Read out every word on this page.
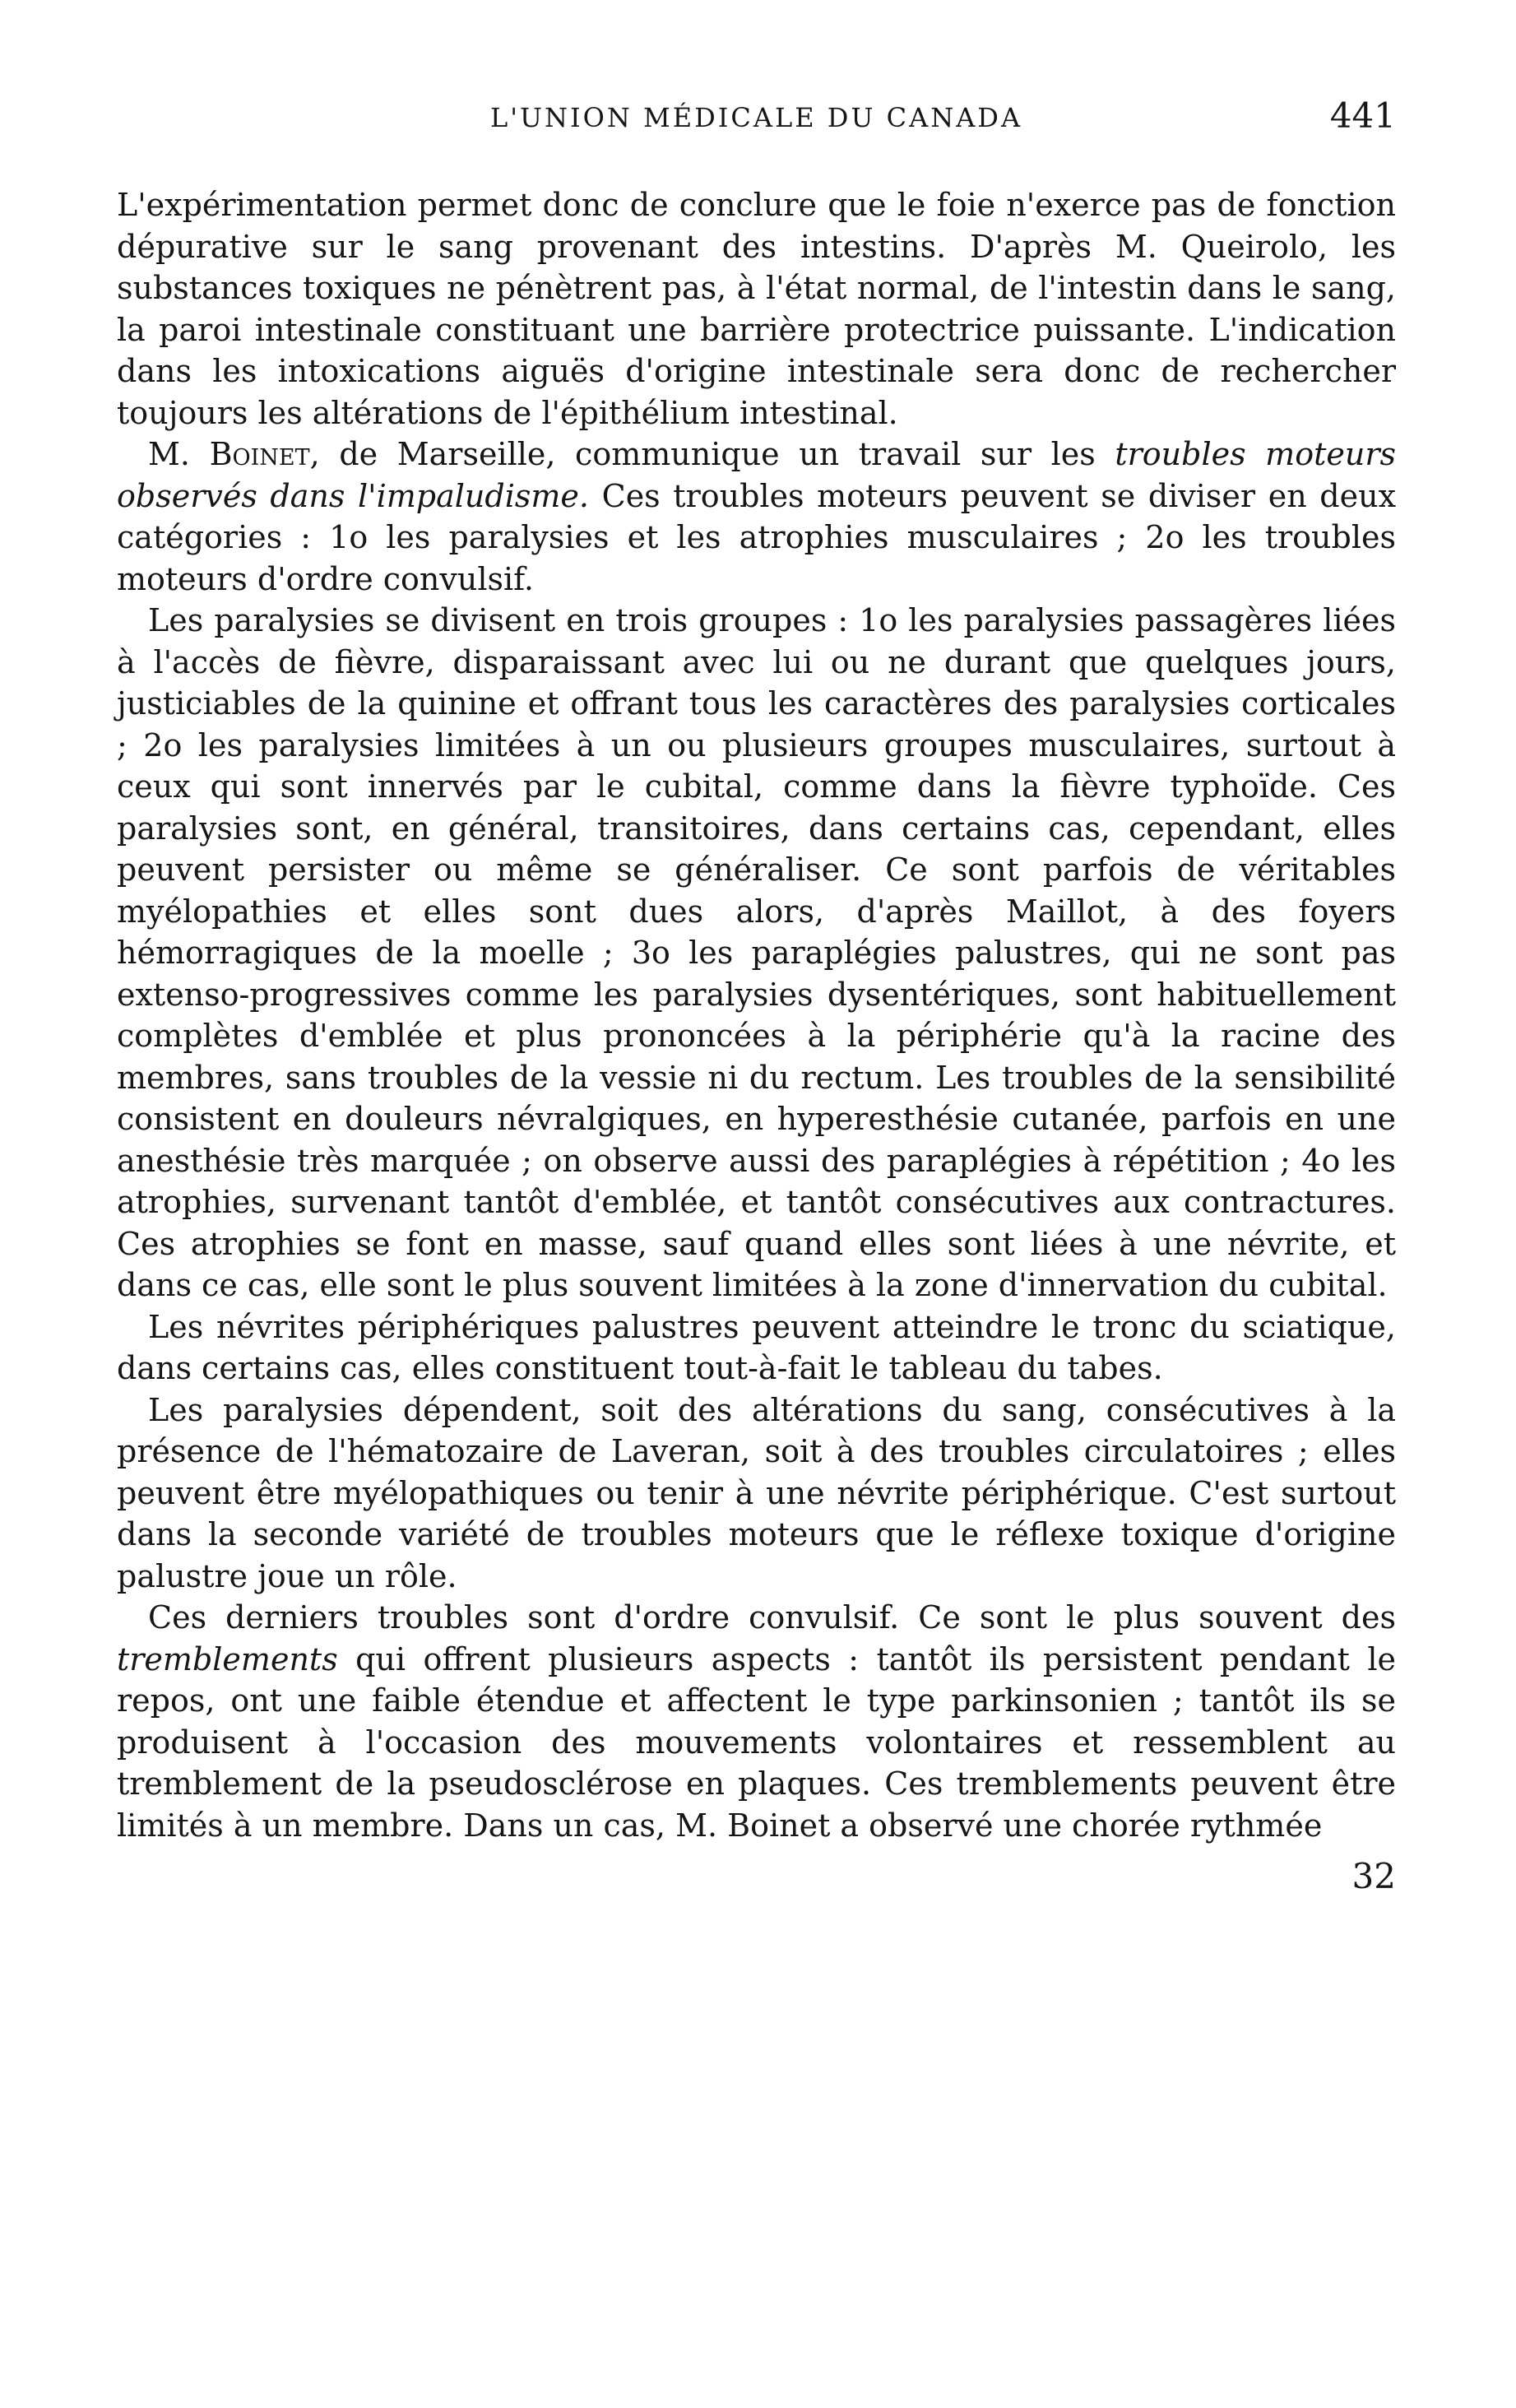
L'UNION MÉDICALE DU CANADA	441

L'expérimentation permet donc de conclure que le foie n'exerce pas de fonction dépurative sur le sang provenant des intestins. D'après M. Queirolo, les substances toxiques ne pénètrent pas, à l'état normal, de l'intestin dans le sang, la paroi intestinale constituant une barrière protectrice puissante. L'indication dans les intoxications aiguës d'origine intestinale sera donc de rechercher toujours les altérations de l'épithélium intestinal.

M. Boinet, de Marseille, communique un travail sur les troubles moteurs observés dans l'impaludisme. Ces troubles moteurs peuvent se diviser en deux catégories : 1o les paralysies et les atrophies musculaires ; 2o les troubles moteurs d'ordre convulsif.

Les paralysies se divisent en trois groupes : 1o les paralysies passagères liées à l'accès de fièvre, disparaissant avec lui ou ne durant que quelques jours, justiciables de la quinine et offrant tous les caractères des paralysies corticales ; 2o les paralysies limitées à un ou plusieurs groupes musculaires, surtout à ceux qui sont innervés par le cubital, comme dans la fièvre typhoïde. Ces paralysies sont, en général, transitoires, dans certains cas, cependant, elles peuvent persister ou même se généraliser. Ce sont parfois de véritables myélopathies et elles sont dues alors, d'après Maillot, à des foyers hémorragiques de la moelle ; 3o les paraplégies palustres, qui ne sont pas extenso-progressives comme les paralysies dysentériques, sont habituellement complètes d'emblée et plus prononcées à la périphérie qu'à la racine des membres, sans troubles de la vessie ni du rectum. Les troubles de la sensibilité consistent en douleurs névralgiques, en hyperesthésie cutanée, parfois en une anesthésie très marquée ; on observe aussi des paraplégies à répétition ; 4o les atrophies, survenant tantôt d'emblée, et tantôt consécutives aux contractures. Ces atrophies se font en masse, sauf quand elles sont liées à une névrite, et dans ce cas, elle sont le plus souvent limitées à la zone d'innervation du cubital.

Les névrites périphériques palustres peuvent atteindre le tronc du sciatique, dans certains cas, elles constituent tout-à-fait le tableau du tabes.

Les paralysies dépendent, soit des altérations du sang, consécutives à la présence de l'hématozaire de Laveran, soit à des troubles circulatoires ; elles peuvent être myélopathiques ou tenir à une névrite périphérique. C'est surtout dans la seconde variété de troubles moteurs que le réflexe toxique d'origine palustre joue un rôle.

Ces derniers troubles sont d'ordre convulsif. Ce sont le plus souvent des tremblements qui offrent plusieurs aspects : tantôt ils persistent pendant le repos, ont une faible étendue et affectent le type parkinsonien ; tantôt ils se produisent à l'occasion des mouvements volontaires et ressemblent au tremblement de la pseudosclérose en plaques. Ces tremblements peuvent être limités à un membre. Dans un cas, M. Boinet a observé une chorée rythmée

32
